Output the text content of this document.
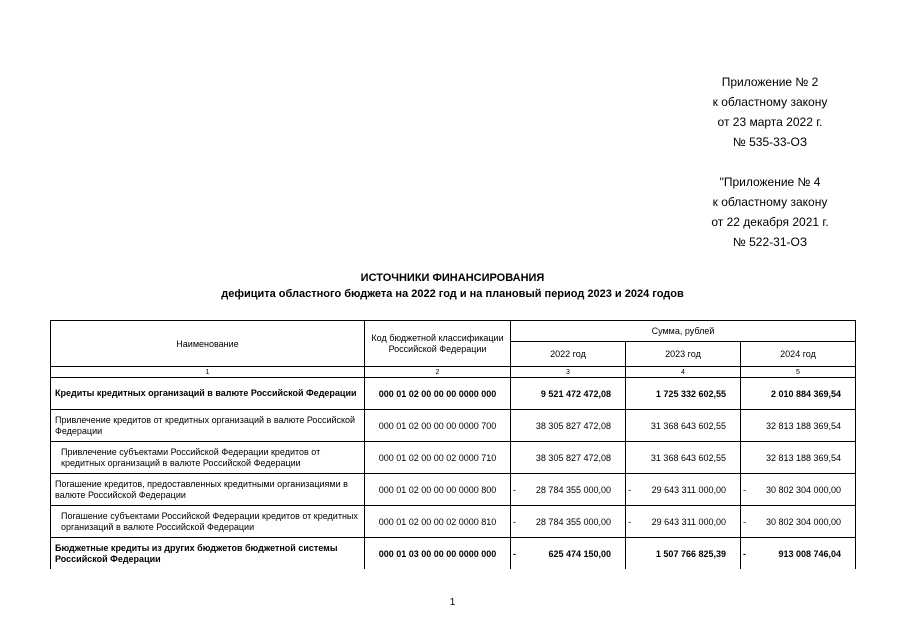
Приложение № 2
к областному закону
от 23 марта 2022 г.
№ 535-33-ОЗ
"Приложение № 4
к областному закону
от 22 декабря 2021 г.
№ 522-31-ОЗ
ИСТОЧНИКИ ФИНАНСИРОВАНИЯ
дефицита областного бюджета на 2022 год и на плановый период 2023 и 2024 годов
Наименование	Код бюджетной классификации Российской Федерации	Сумма, рублей		
		2022 год	2023 год	2024 год
1	2	3	4	5
Кредиты кредитных организаций в валюте Российской Федерации	000 01 02 00 00 00 0000 000	9 521 472 472,08	1 725 332 602,55	2 010 884 369,54
Привлечение кредитов от кредитных организаций в валюте Российской Федерации	000 01 02 00 00 00 0000 700	38 305 827 472,08	31 368 643 602,55	32 813 188 369,54
Привлечение субъектами Российской Федерации кредитов от кредитных организаций в валюте Российской Федерации	000 01 02 00 00 02 0000 710	38 305 827 472,08	31 368 643 602,55	32 813 188 369,54
Погашение кредитов, предоставленных кредитными организациями в валюте Российской Федерации	000 01 02 00 00 00 0000 800	- 28 784 355 000,00	- 29 643 311 000,00	- 30 802 304 000,00
Погашение субъектами Российской Федерации кредитов от кредитных организаций в валюте Российской Федерации	000 01 02 00 00 02 0000 810	- 28 784 355 000,00	- 29 643 311 000,00	- 30 802 304 000,00
Бюджетные кредиты из других бюджетов бюджетной системы Российской Федерации	000 01 03 00 00 00 0000 000	- 625 474 150,00	1 507 766 825,39	- 913 008 746,04
1
